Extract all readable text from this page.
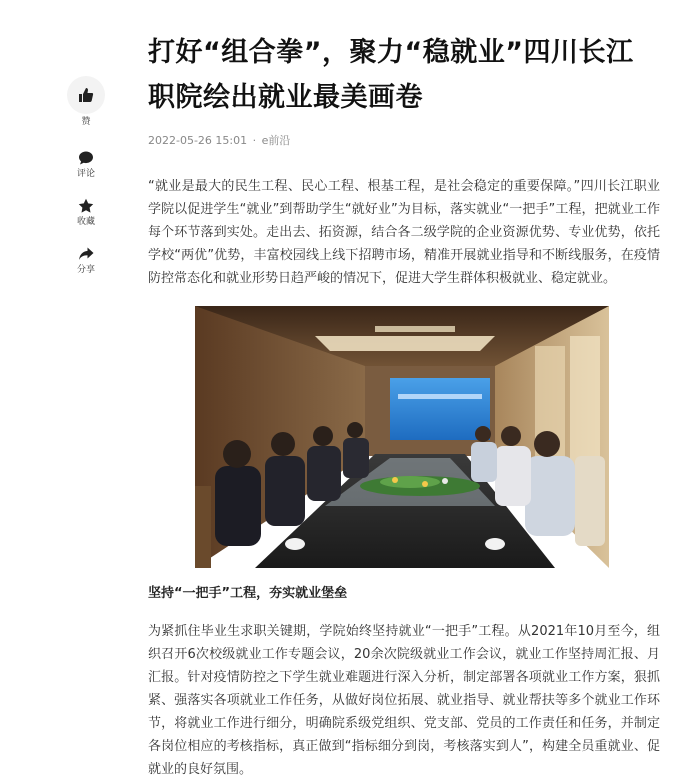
赞
评论
收藏
分享
打好“组合拳”，聚力“稳就业”四川长江职院绘出就业最美画卷
2022-05-26 15:01 · e前沿

“就业是最大的民生工程、民心工程、根基工程，是社会稳定的重要保障。”四川长江职业学院以促进学生“就业”到帮助学生“就好业”为目标，落实就业“一把手”工程，把就业工作每个环节落到实处。走出去、拓资源，结合各二级学院的企业资源优势、专业优势，依托学校“两优”优势，丰富校园线上线下招聘市场，精准开展就业指导和不断线服务，在疫情防控常态化和就业形势日趋严峻的情况下，促进大学生群体积极就业、稳定就业。

坚持“一把手”工程，夯实就业堡垒

为紧抓住毕业生求职关键期，学院始终坚持就业“一把手”工程。从2021年10月至今，组织召开6次校级就业工作专题会议，20余次院级就业工作会议，就业工作坚持周汇报、月汇报。针对疫情防控之下学生就业难题进行深入分析，制定部署各项就业工作方案，狠抓紧、强落实各项就业工作任务，从做好岗位拓展、就业指导、就业帮扶等多个就业工作环节，将就业工作进行细分，明确院系级党组织、党支部、党员的工作责任和任务，并制定各岗位相应的考核指标，真正做到“指标细分到岗，考核落实到人”，构建全员重就业、促就业的良好氛围。
